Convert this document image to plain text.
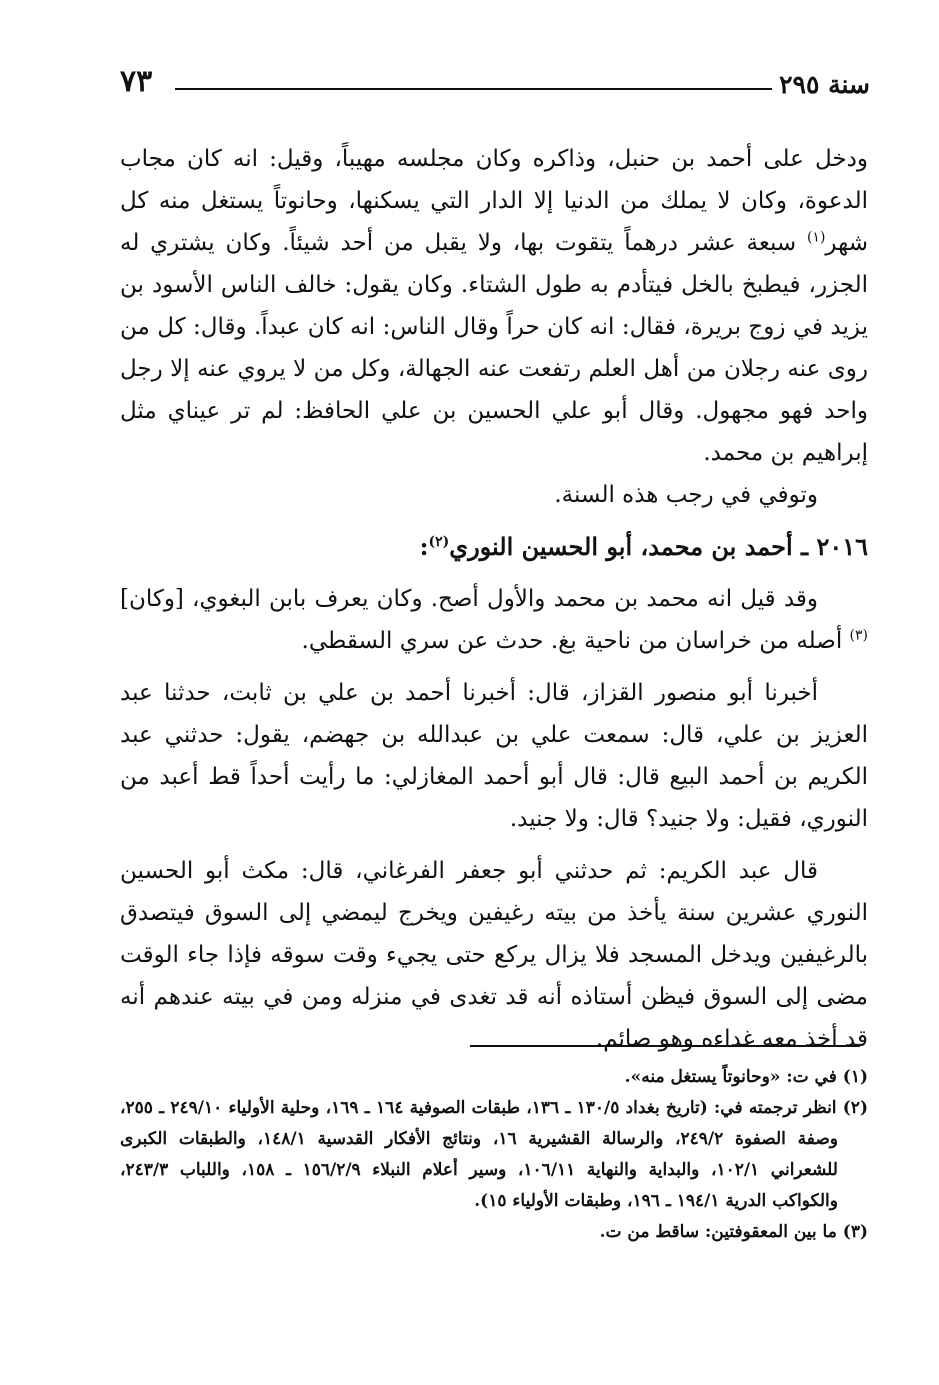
سنة ٢٩٥
٧٣

ودخل على أحمد بن حنبل، وذاكره وكان مجلسه مهيباً، وقيل: انه كان مجاب الدعوة، وكان لا يملك من الدنيا إلا الدار التي يسكنها، وحانوتاً يستغل منه كل شهر$^{(١)}$ سبعة عشر درهماً يتقوت بها، ولا يقبل من أحد شيئاً. وكان يشتري له الجزر، فيطبخ بالخل فيتأدم به طول الشتاء. وكان يقول: خالف الناس الأسود بن يزيد في زوج بريرة، فقال: انه كان حراً وقال الناس: انه كان عبداً. وقال: كل من روى عنه رجلان من أهل العلم رتفعت عنه الجهالة، وكل من لا يروي عنه إلا رجل واحد فهو مجهول. وقال أبو علي الحسين بن علي الحافظ: لم تر عيناي مثل إبراهيم بن محمد.

وتوفي في رجب هذه السنة.

٢٠١٦ ـ أحمد بن محمد، أبو الحسين النوري$^{(٢)}$:

وقد قيل انه محمد بن محمد والأول أصح. وكان يعرف بابن البغوي، [وكان]$^{(٣)}$ أصله من خراسان من ناحية بغ. حدث عن سري السقطي.

أخبرنا أبو منصور القزاز، قال: أخبرنا أحمد بن علي بن ثابت، حدثنا عبد العزيز بن علي، قال: سمعت علي بن عبدالله بن جهضم، يقول: حدثني عبد الكريم بن أحمد البيع قال: قال أبو أحمد المغازلي: ما رأيت أحداً قط أعبد من النوري، فقيل: ولا جنيد؟ قال: ولا جنيد.

قال عبد الكريم: ثم حدثني أبو جعفر الفرغاني، قال: مكث أبو الحسين النوري عشرين سنة يأخذ من بيته رغيفين ويخرج ليمضي إلى السوق فيتصدق بالرغيفين ويدخل المسجد فلا يزال يركع حتى يجيء وقت سوقه فإذا جاء الوقت مضى إلى السوق فيظن أستاذه أنه قد تغدى في منزله ومن في بيته عندهم أنه قد أخذ معه غداءه وهو صائم.

(١) في ت: «وحانوتاً يستغل منه».

(٢) انظر ترجمته في: (تاريخ بغداد ١٣٠/٥ ـ ١٣٦، طبقات الصوفية ١٦٤ ـ ١٦٩، وحلية الأولياء ٢٤٩/١٠ ـ ٢٥٥، وصفة الصفوة ٢٤٩/٢، والرسالة القشيرية ١٦، ونتائج الأفكار القدسية ١٤٨/١، والطبقات الكبرى للشعراني ١٠٢/١، والبداية والنهاية ١٠٦/١١، وسير أعلام النبلاء ١٥٦/٢/٩ ـ ١٥٨، واللباب ٢٤٣/٣، والكواكب الدرية ١٩٤/١ ـ ١٩٦، وطبقات الأولياء ١٥).

(٣) ما بين المعقوفتين: ساقط من ت.
